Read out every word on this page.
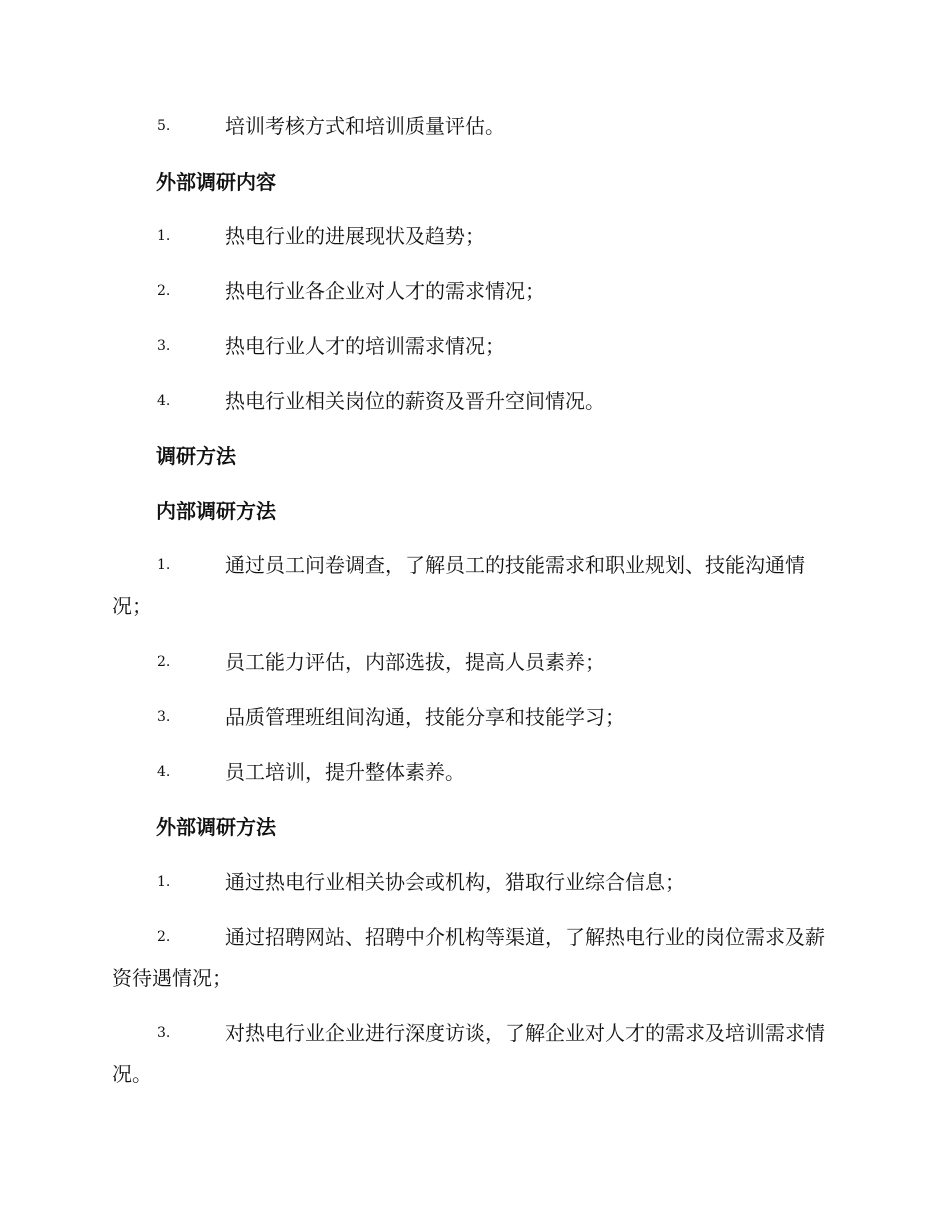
5.	培训考核方式和培训质量评估。
外部调研内容
1.	热电行业的进展现状及趋势；
2.	热电行业各企业对人才的需求情况；
3.	热电行业人才的培训需求情况；
4.	热电行业相关岗位的薪资及晋升空间情况。
调研方法
内部调研方法
1.	通过员工问卷调查，了解员工的技能需求和职业规划、技能沟通情况；
2.	员工能力评估，内部选拔，提高人员素养；
3.	品质管理班组间沟通，技能分享和技能学习；
4.	员工培训，提升整体素养。
外部调研方法
1.	通过热电行业相关协会或机构，猎取行业综合信息；
2.	通过招聘网站、招聘中介机构等渠道，了解热电行业的岗位需求及薪资待遇情况；
3.	对热电行业企业进行深度访谈，了解企业对人才的需求及培训需求情况。
